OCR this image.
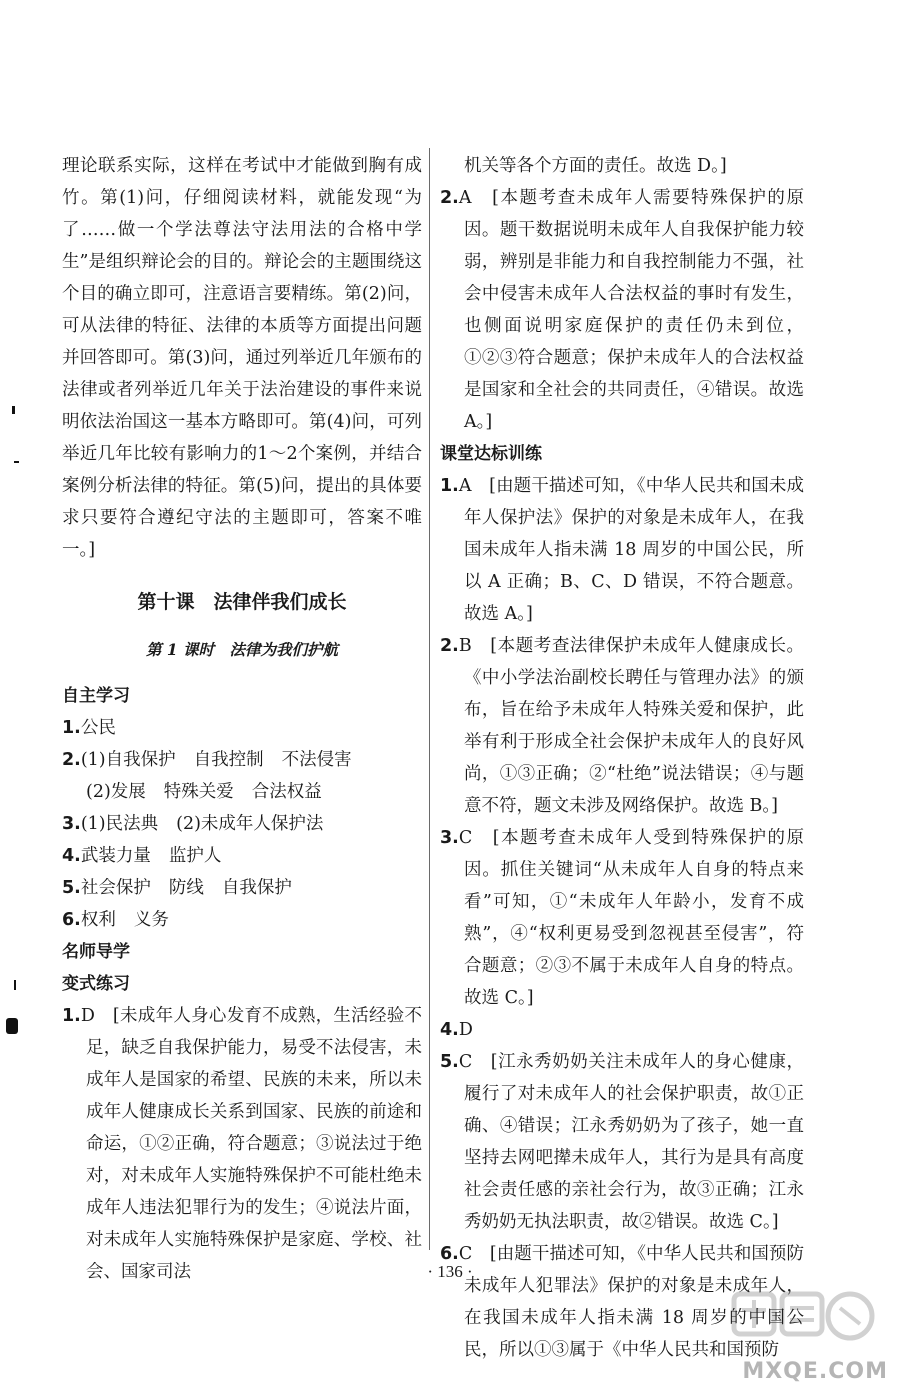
理论联系实际，这样在考试中才能做到胸有成竹。第(1)问，仔细阅读材料，就能发现“为了……做一个学法尊法守法用法的合格中学生”是组织辩论会的目的。辩论会的主题围绕这个目的确立即可，注意语言要精练。第(2)问，可从法律的特征、法律的本质等方面提出问题并回答即可。第(3)问，通过列举近几年颁布的法律或者列举近几年关于法治建设的事件来说明依法治国这一基本方略即可。第(4)问，可列举近几年比较有影响力的1～2个案例，并结合案例分析法律的特征。第(5)问，提出的具体要求只要符合遵纪守法的主题即可，答案不唯一。]

第十课　法律伴我们成长
第 1 课时　法律为我们护航
自主学习
1.公民
2.(1)自我保护 自我控制 不法侵害
(2)发展 特殊关爱 合法权益
3.(1)民法典 (2)未成年人保护法
4.武装力量 监护人
5.社会保护 防线 自我保护
6.权利 义务
名师导学
变式练习

1.D　[未成年人身心发育不成熟，生活经验不足，缺乏自我保护能力，易受不法侵害，未成年人是国家的希望、民族的未来，所以未成年人健康成长关系到国家、民族的前途和命运，①②正确，符合题意；③说法过于绝对，对未成年人实施特殊保护不可能杜绝未成年人违法犯罪行为的发生；④说法片面，对未成年人实施特殊保护是家庭、学校、社会、国家司法

机关等各个方面的责任。故选 D。]

2.A　[本题考查未成年人需要特殊保护的原因。题干数据说明未成年人自我保护能力较弱，辨别是非能力和自我控制能力不强，社会中侵害未成年人合法权益的事时有发生，也侧面说明家庭保护的责任仍未到位，①②③符合题意；保护未成年人的合法权益是国家和全社会的共同责任，④错误。故选 A。]

课堂达标训练

1.A　[由题干描述可知，《中华人民共和国未成年人保护法》保护的对象是未成年人，在我国未成年人指未满 18 周岁的中国公民，所以 A 正确；B、C、D 错误，不符合题意。故选 A。]

2.B　[本题考查法律保护未成年人健康成长。《中小学法治副校长聘任与管理办法》的颁布，旨在给予未成年人特殊关爱和保护，此举有利于形成全社会保护未成年人的良好风尚，①③正确；②“杜绝”说法错误；④与题意不符，题文未涉及网络保护。故选 B。]

3.C　[本题考查未成年人受到特殊保护的原因。抓住关键词“从未成年人自身的特点来看”可知，①“未成年人年龄小，发育不成熟”，④“权利更易受到忽视甚至侵害”，符合题意；②③不属于未成年人自身的特点。故选 C。]

4.D

5.C　[江永秀奶奶关注未成年人的身心健康，履行了对未成年人的社会保护职责，故①正确、④错误；江永秀奶奶为了孩子，她一直坚持去网吧撵未成年人，其行为是具有高度社会责任感的亲社会行为，故③正确；江永秀奶奶无执法职责，故②错误。故选 C。]

6.C　[由题干描述可知，《中华人民共和国预防未成年人犯罪法》保护的对象是未成年人，在我国未成年人指未满 18 周岁的中国公民，所以①③属于《中华人民共和国预防

· 136 ·
MXQE.COM
